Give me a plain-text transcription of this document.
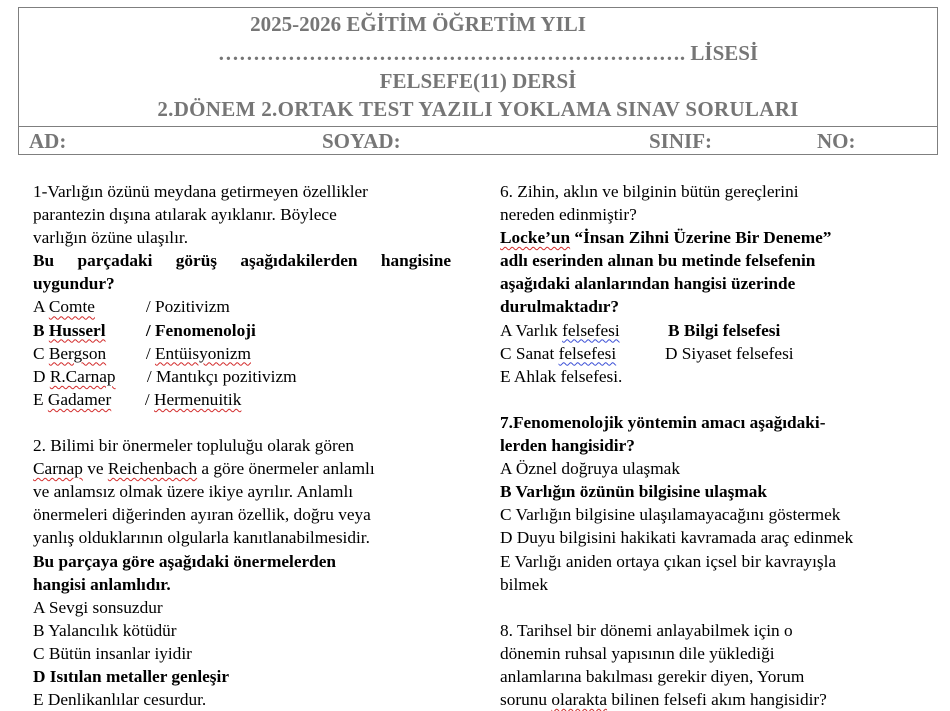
2025-2026 EĞİTİM ÖĞRETİM YILI
…………………………………………………………. LİSESİ
FELSEFE(11) DERSİ
2.DÖNEM 2.ORTAK TEST YAZILI YOKLAMA SINAV SORULARI
AD:	SOYAD:	SINIF:	NO:
1-Varlığın özünü meydana getirmeyen özellikler
parantezin dışına atılarak ayıklanır. Böylece
varlığın özüne ulaşılır.
Bu parçadaki görüş aşağıdakilerden hangisine
uygundur?
A Comte	/ Pozitivizm
B Husserl / Fenomenoloji
C Bergson / Entüisyonizm
D R.Carnap / Mantıkçı pozitivizm
E Gadamer / Hermenuitik
2. Bilimi bir önermeler topluluğu olarak gören
Carnap ve Reichenbach a göre önermeler anlamlı
ve anlamsız olmak üzere ikiye ayrılır. Anlamlı
önermeleri diğerinden ayıran özellik, doğru veya
yanlış olduklarının olgularla kanıtlanabilmesidir.
Bu parçaya göre aşağıdaki önermelerden
hangisi anlamlıdır.
A Sevgi sonsuzdur
B Yalancılık kötüdür
C Bütün insanlar iyidir
D Isıtılan metaller genleşir
E Denlikanlılar cesurdur.
6. Zihin, aklın ve bilginin bütün gereçlerini
nereden edinmiştir?
Locke’un “İnsan Zihni Üzerine Bir Deneme”
adlı eserinden alınan bu metinde felsefenin
aşağıdaki alanlarından hangisi üzerinde
durulmaktadır?
A Varlık felsefesi	B Bilgi felsefesi
C Sanat felsefesi	D Siyaset felsefesi
E Ahlak felsefesi.
7.Fenomenolojik yöntemin amacı aşağıdaki-
lerden hangisidir?
A Öznel doğruya ulaşmak
B Varlığın özünün bilgisine ulaşmak
C Varlığın bilgisine ulaşılamayacağını göstermek
D Duyu bilgisini hakikati kavramada araç edinmek
E Varlığı aniden ortaya çıkan içsel bir kavrayışla
bilmek
8. Tarihsel bir dönemi anlayabilmek için o
dönemin ruhsal yapısının dile yüklediği
anlamlarına bakılması gerekir diyen, Yorum
sorunu olarakta bilinen felsefi akım hangisidir?
